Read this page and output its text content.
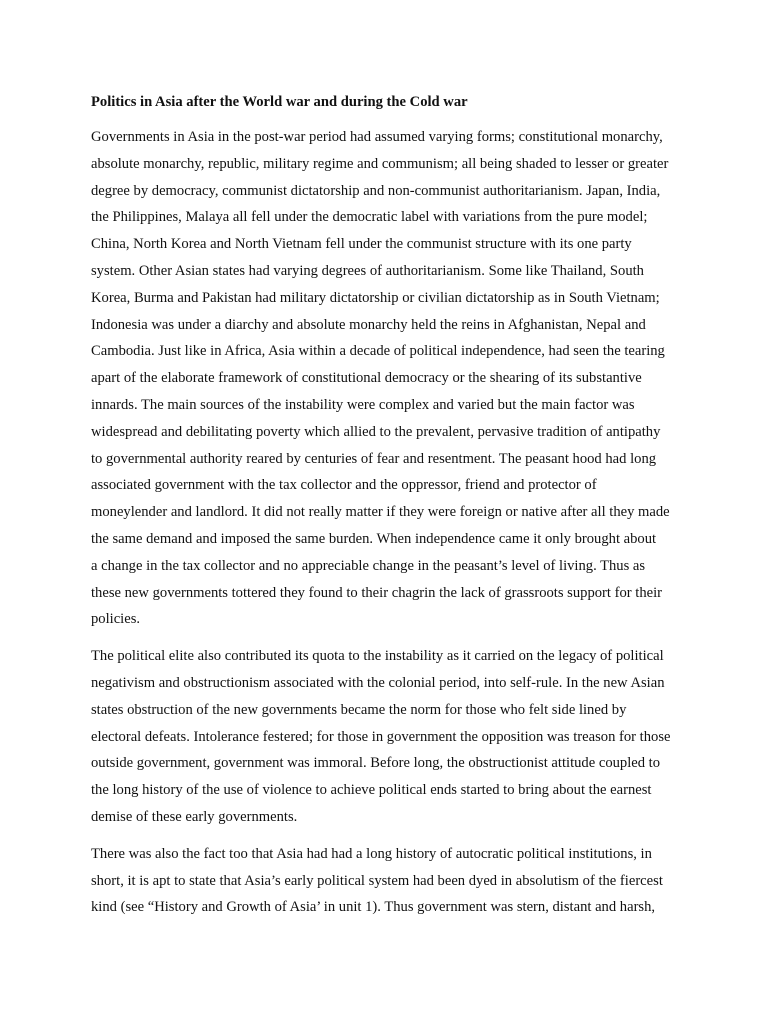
Politics in Asia after the World war and during the Cold war

Governments in Asia in the post-war period had assumed varying forms; constitutional monarchy,
absolute monarchy, republic, military regime and communism; all being shaded to lesser or greater
degree by democracy, communist dictatorship and non-communist authoritarianism. Japan, India,
the Philippines, Malaya all fell under the democratic label with variations from the pure model;
China, North Korea and North Vietnam fell under the communist structure with its one party
system. Other Asian states had varying degrees of authoritarianism. Some like Thailand, South
Korea, Burma and Pakistan had military dictatorship or civilian dictatorship as in South Vietnam;
Indonesia was under a diarchy and absolute monarchy held the reins in Afghanistan, Nepal and
Cambodia. Just like in Africa, Asia within a decade of political independence, had seen the tearing
apart of the elaborate framework of constitutional democracy or the shearing of its substantive
innards. The main sources of the instability were complex and varied but the main factor was
widespread and debilitating poverty which allied to the prevalent, pervasive tradition of antipathy
to governmental authority reared by centuries of fear and resentment. The peasant hood had long
associated government with the tax collector and the oppressor, friend and protector of
moneylender and landlord. It did not really matter if they were foreign or native after all they made
the same demand and imposed the same burden. When independence came it only brought about
a change in the tax collector and no appreciable change in the peasant’s level of living. Thus as
these new governments tottered they found to their chagrin the lack of grassroots support for their
policies.

The political elite also contributed its quota to the instability as it carried on the legacy of political
negativism and obstructionism associated with the colonial period, into self-rule. In the new Asian
states obstruction of the new governments became the norm for those who felt side lined by
electoral defeats. Intolerance festered; for those in government the opposition was treason for those
outside government, government was immoral. Before long, the obstructionist attitude coupled to
the long history of the use of violence to achieve political ends started to bring about the earnest
demise of these early governments.

There was also the fact too that Asia had had a long history of autocratic political institutions, in
short, it is apt to state that Asia’s early political system had been dyed in absolutism of the fiercest
kind (see “History and Growth of Asia’ in unit 1). Thus government was stern, distant and harsh,
